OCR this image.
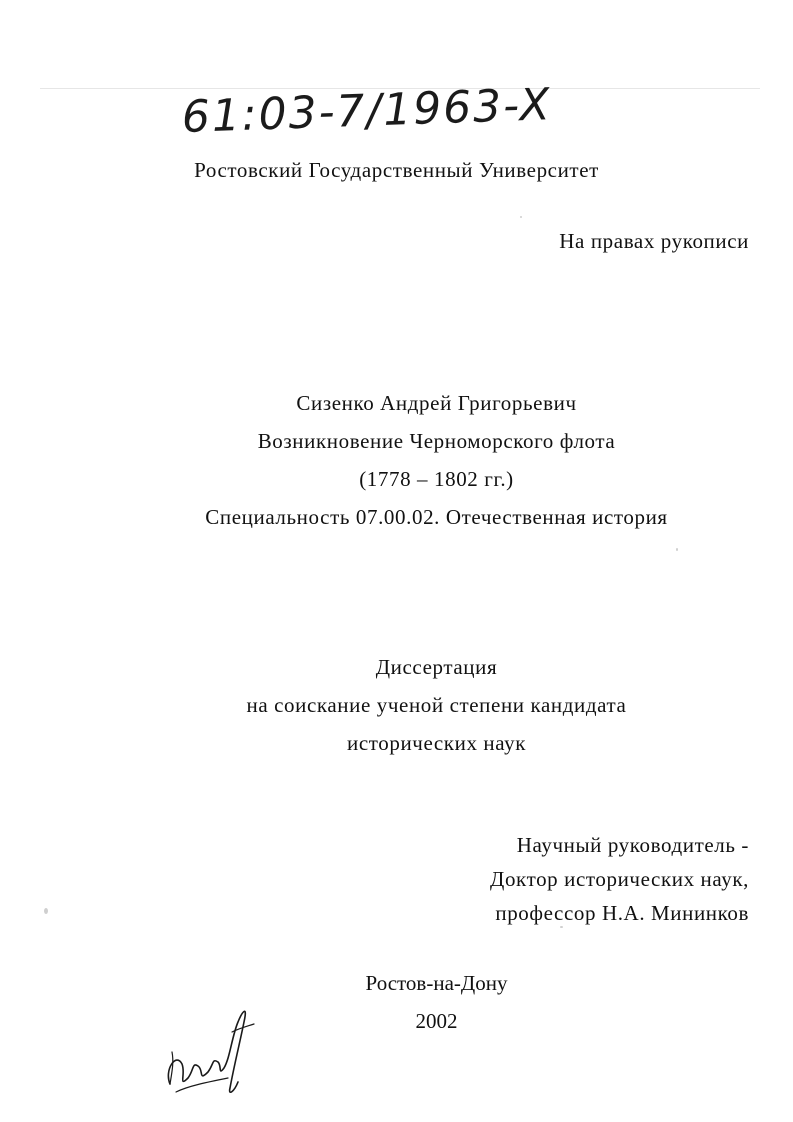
61:03-7/1963-X
Ростовский Государственный Университет
На правах рукописи
Сизенко Андрей Григорьевич
Возникновение Черноморского флота
(1778 – 1802 гг.)
Специальность 07.00.02. Отечественная история
Диссертация
на соискание ученой степени кандидата
исторических наук
Научный руководитель -
Доктор исторических наук,
профессор Н.А. Мининков
Ростов-на-Дону
2002
